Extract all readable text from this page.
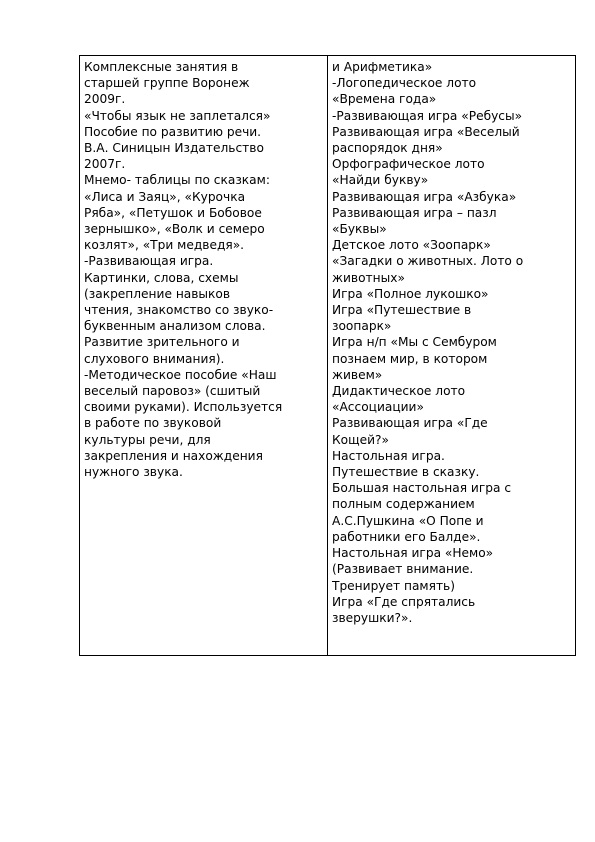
Комплексные занятия в
старшей группе Воронеж
2009г.
«Чтобы язык не заплетался»
Пособие по развитию речи.
В.А. Синицын Издательство
2007г.
Мнемо- таблицы по сказкам:
«Лиса и Заяц», «Курочка
Ряба», «Петушок и Бобовое
зернышко», «Волк и семеро
козлят», «Три медведя».
-Развивающая игра.
Картинки, слова, схемы
(закрепление навыков
чтения, знакомство со звуко-
буквенным анализом слова.
Развитие зрительного и
слухового внимания).
-Методическое пособие «Наш
веселый паровоз» (сшитый
своими руками). Используется
в работе по звуковой
культуры речи, для
закрепления и нахождения
нужного звука.

и Арифметика»
-Логопедическое лото
«Времена года»
-Развивающая игра «Ребусы»
Развивающая игра «Веселый
распорядок дня»
Орфографическое лото
«Найди букву»
Развивающая игра «Азбука»
Развивающая игра – пазл
«Буквы»
Детское лото «Зоопарк»
«Загадки о животных. Лото о
животных»
Игра «Полное лукошко»
Игра «Путешествие в
зоопарк»
Игра н/п «Мы с Сембуром
познаем мир, в котором
живем»
Дидактическое лото
«Ассоциации»
Развивающая игра «Где
Кощей?»
Настольная игра.
Путешествие в сказку.
Большая настольная игра с
полным содержанием
А.С.Пушкина «О Попе и
работники его Балде».
Настольная игра «Немо»
(Развивает внимание.
Тренирует память)
Игра «Где спрятались
зверушки?».
